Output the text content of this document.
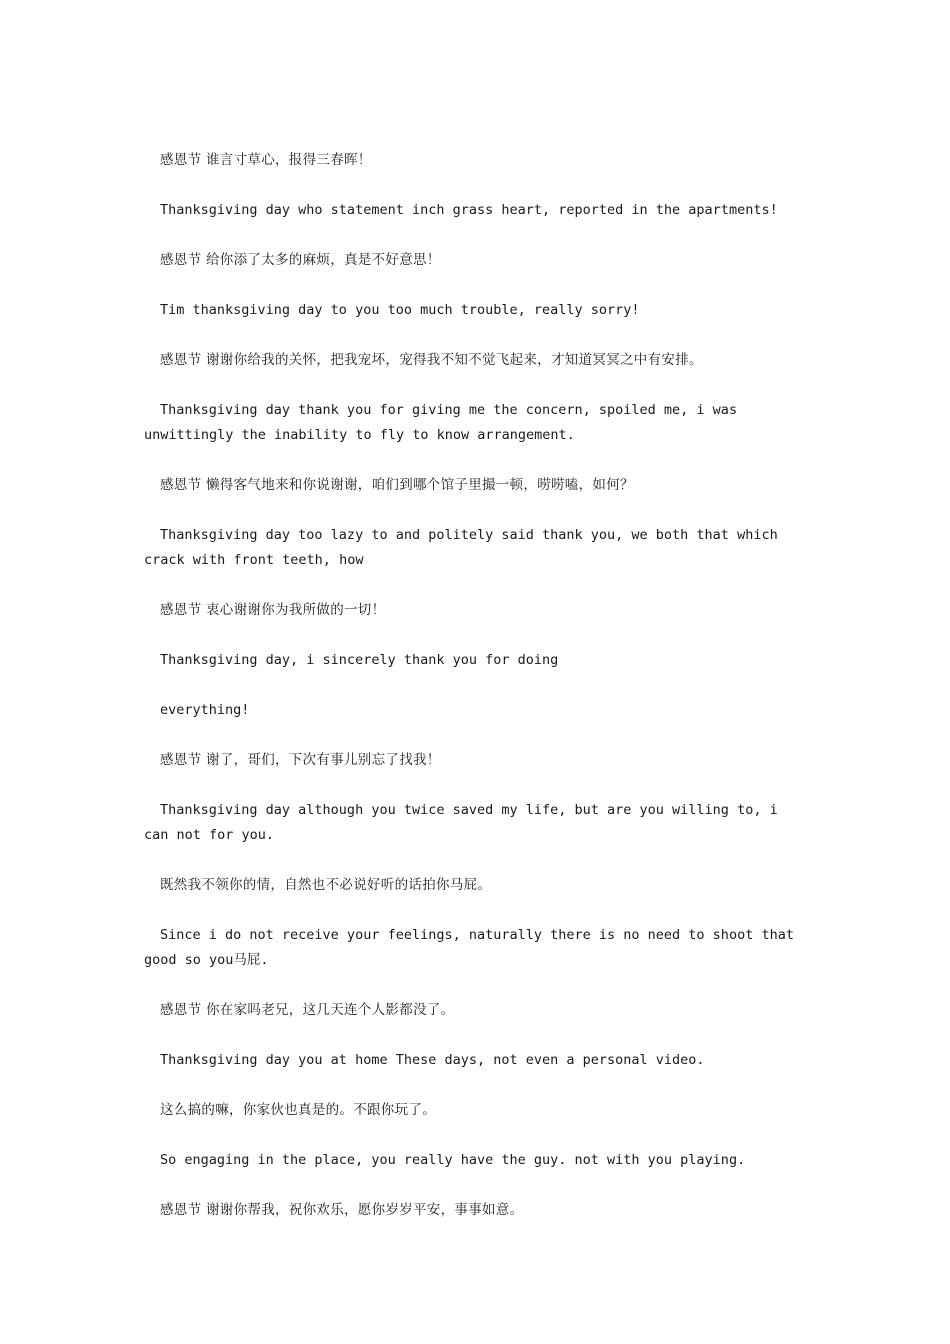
感恩节 谁言寸草心，报得三春晖！

Thanksgiving day who statement inch grass heart, reported in the apartments!

感恩节 给你添了太多的麻烦，真是不好意思！

Tim thanksgiving day to you too much trouble, really sorry!

感恩节 谢谢你给我的关怀，把我宠坏，宠得我不知不觉飞起来，才知道冥冥之中有安排。

Thanksgiving day thank you for giving me the concern, spoiled me, i was unwittingly the inability to fly to know arrangement.

感恩节 懒得客气地来和你说谢谢，咱们到哪个馆子里撮一顿，唠唠嗑，如何？

Thanksgiving day too lazy to and politely said thank you, we both that which crack with front teeth, how

感恩节 衷心谢谢你为我所做的一切！

Thanksgiving day, i sincerely thank you for doing

everything!

感恩节 谢了，哥们，下次有事儿别忘了找我！

Thanksgiving day although you twice saved my life, but are you willing to, i can not for you.

既然我不领你的情，自然也不必说好听的话拍你马屁。

Since i do not receive your feelings, naturally there is no need to shoot that good so you马屁.

感恩节 你在家吗老兄，这几天连个人影都没了。

Thanksgiving day you at home These days, not even a personal video.

这么搞的嘛，你家伙也真是的。不跟你玩了。

So engaging in the place, you really have the guy. not with you playing.

感恩节 谢谢你帮我，祝你欢乐，愿你岁岁平安，事事如意。
